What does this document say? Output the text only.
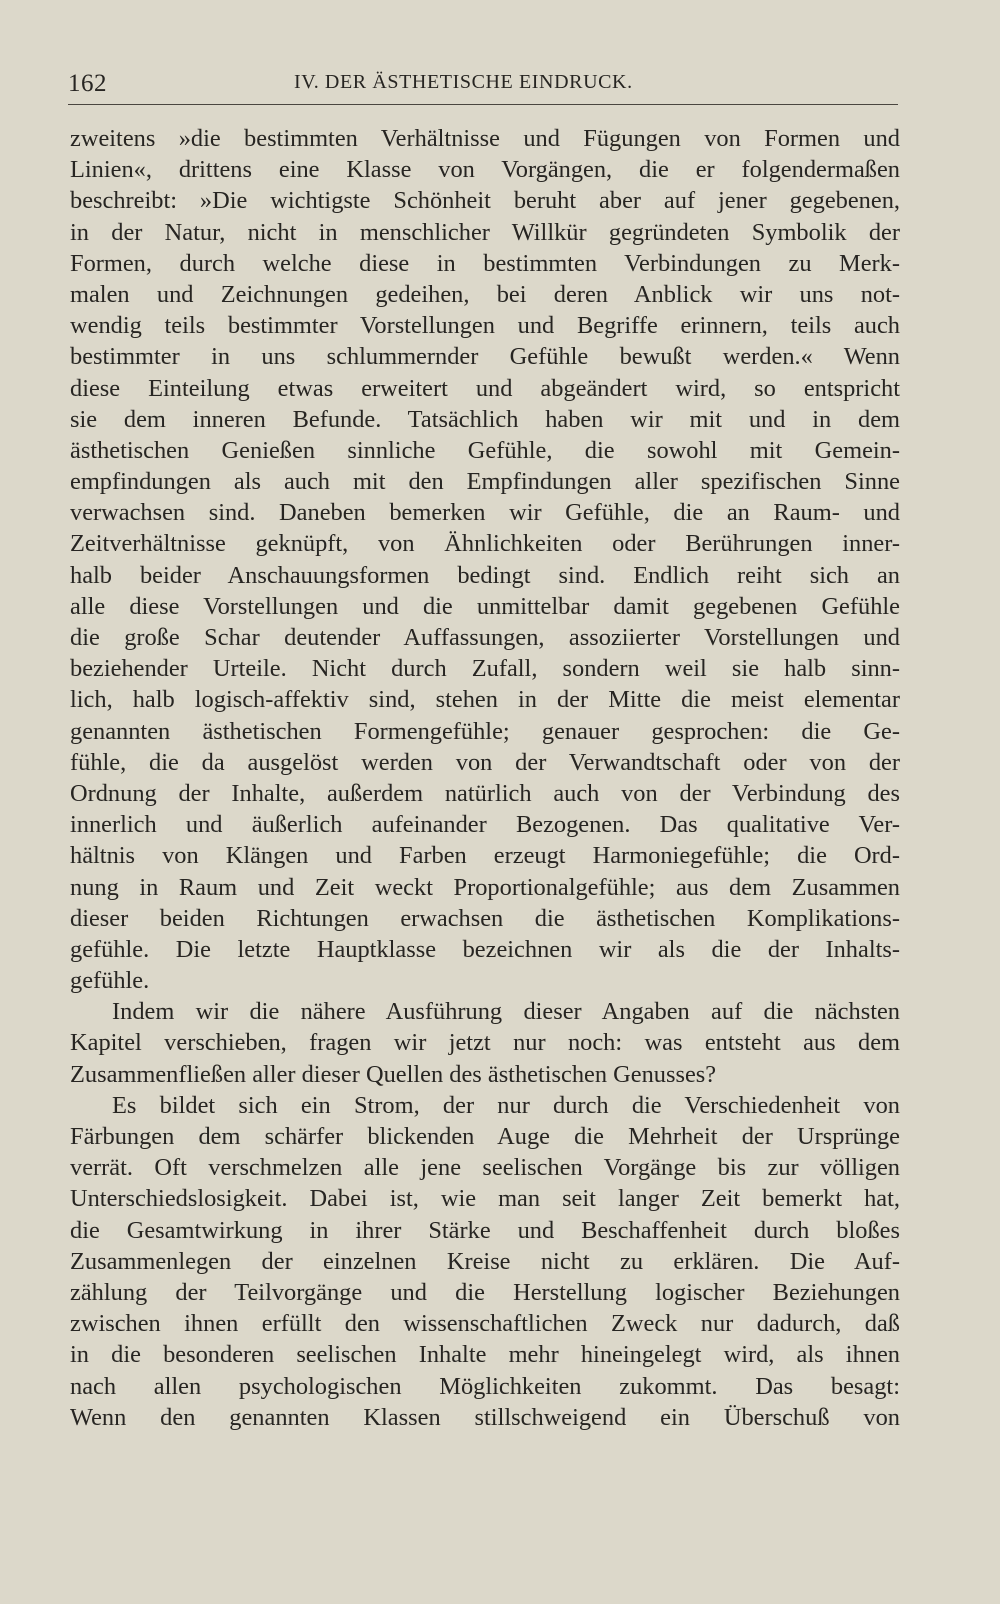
162	IV. DER ÄSTHETISCHE EINDRUCK.
zweitens »die bestimmten Verhältnisse und Fügungen von Formen und
Linien«, drittens eine Klasse von Vorgängen, die er folgendermaßen
beschreibt: »Die wichtigste Schönheit beruht aber auf jener gegebenen,
in der Natur, nicht in menschlicher Willkür gegründeten Symbolik der
Formen, durch welche diese in bestimmten Verbindungen zu Merk-
malen und Zeichnungen gedeihen, bei deren Anblick wir uns not-
wendig teils bestimmter Vorstellungen und Begriffe erinnern, teils auch
bestimmter in uns schlummernder Gefühle bewußt werden.« Wenn
diese Einteilung etwas erweitert und abgeändert wird, so entspricht
sie dem inneren Befunde. Tatsächlich haben wir mit und in dem
ästhetischen Genießen sinnliche Gefühle, die sowohl mit Gemein-
empfindungen als auch mit den Empfindungen aller spezifischen Sinne
verwachsen sind. Daneben bemerken wir Gefühle, die an Raum- und
Zeitverhältnisse geknüpft, von Ähnlichkeiten oder Berührungen inner-
halb beider Anschauungsformen bedingt sind. Endlich reiht sich an
alle diese Vorstellungen und die unmittelbar damit gegebenen Gefühle
die große Schar deutender Auffassungen, assoziierter Vorstellungen und
beziehender Urteile. Nicht durch Zufall, sondern weil sie halb sinn-
lich, halb logisch-affektiv sind, stehen in der Mitte die meist elementar
genannten ästhetischen Formengefühle; genauer gesprochen: die Ge-
fühle, die da ausgelöst werden von der Verwandtschaft oder von der
Ordnung der Inhalte, außerdem natürlich auch von der Verbindung des
innerlich und äußerlich aufeinander Bezogenen. Das qualitative Ver-
hältnis von Klängen und Farben erzeugt Harmoniegefühle; die Ord-
nung in Raum und Zeit weckt Proportionalgefühle; aus dem Zusammen
dieser beiden Richtungen erwachsen die ästhetischen Komplikations-
gefühle. Die letzte Hauptklasse bezeichnen wir als die der Inhalts-
gefühle.
Indem wir die nähere Ausführung dieser Angaben auf die nächsten
Kapitel verschieben, fragen wir jetzt nur noch: was entsteht aus dem
Zusammenfließen aller dieser Quellen des ästhetischen Genusses?
Es bildet sich ein Strom, der nur durch die Verschiedenheit von
Färbungen dem schärfer blickenden Auge die Mehrheit der Ursprünge
verrät. Oft verschmelzen alle jene seelischen Vorgänge bis zur völligen
Unterschiedslosigkeit. Dabei ist, wie man seit langer Zeit bemerkt hat,
die Gesamtwirkung in ihrer Stärke und Beschaffenheit durch bloßes
Zusammenlegen der einzelnen Kreise nicht zu erklären. Die Auf-
zählung der Teilvorgänge und die Herstellung logischer Beziehungen
zwischen ihnen erfüllt den wissenschaftlichen Zweck nur dadurch, daß
in die besonderen seelischen Inhalte mehr hineingelegt wird, als ihnen
nach allen psychologischen Möglichkeiten zukommt. Das besagt:
Wenn den genannten Klassen stillschweigend ein Überschuß von
